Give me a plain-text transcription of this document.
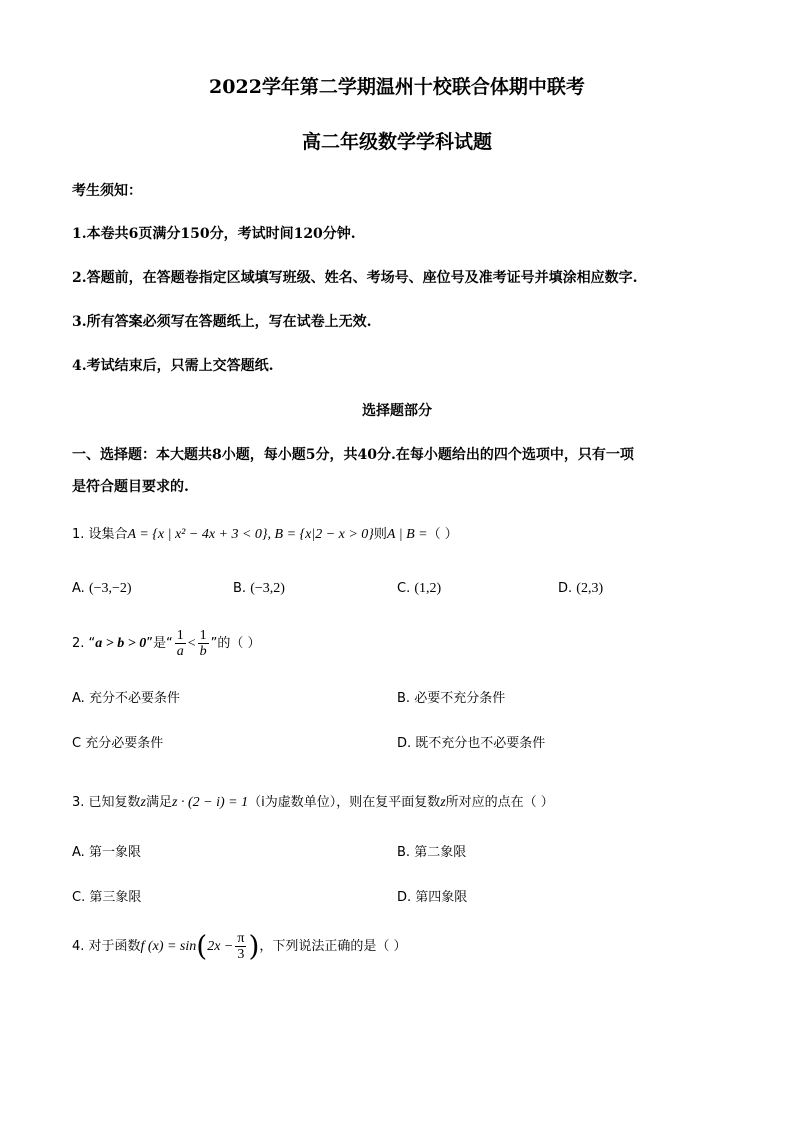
2022学年第二学期温州十校联合体期中联考
高二年级数学学科试题
考生须知：
1.本卷共6页满分150分，考试时间120分钟.
2.答题前，在答题卷指定区域填写班级、姓名、考场号、座位号及准考证号并填涂相应数字.
3.所有答案必须写在答题纸上，写在试卷上无效.
4.考试结束后，只需上交答题纸.
选择题部分
一、选择题：本大题共8小题，每小题5分，共40分.在每小题给出的四个选项中，只有一项
是符合题目要求的.
1. 设集合A = {x | x² − 4x + 3 < 0}, B = {x|2 − x > 0}则A | B =（ ）
A. (−3,−2)	B. (−3,2)	C. (1,2)	D. (2,3)
2. “a > b > 0”是“ $\frac{1}{a} < \frac{1}{b}$ ”的（ ）
A. 充分不必要条件	B. 必要不充分条件
C 充分必要条件	D. 既不充分也不必要条件
3. 已知复数z满足z · (2 − i) = 1（i为虚数单位），则在复平面复数z所对应的点在（ ）
A. 第一象限	B. 第二象限
C. 第三象限	D. 第四象限
4. 对于函数f $(x) = \sin(2x - \frac{\pi}{3}$ )，下列说法正确的是（ ）
